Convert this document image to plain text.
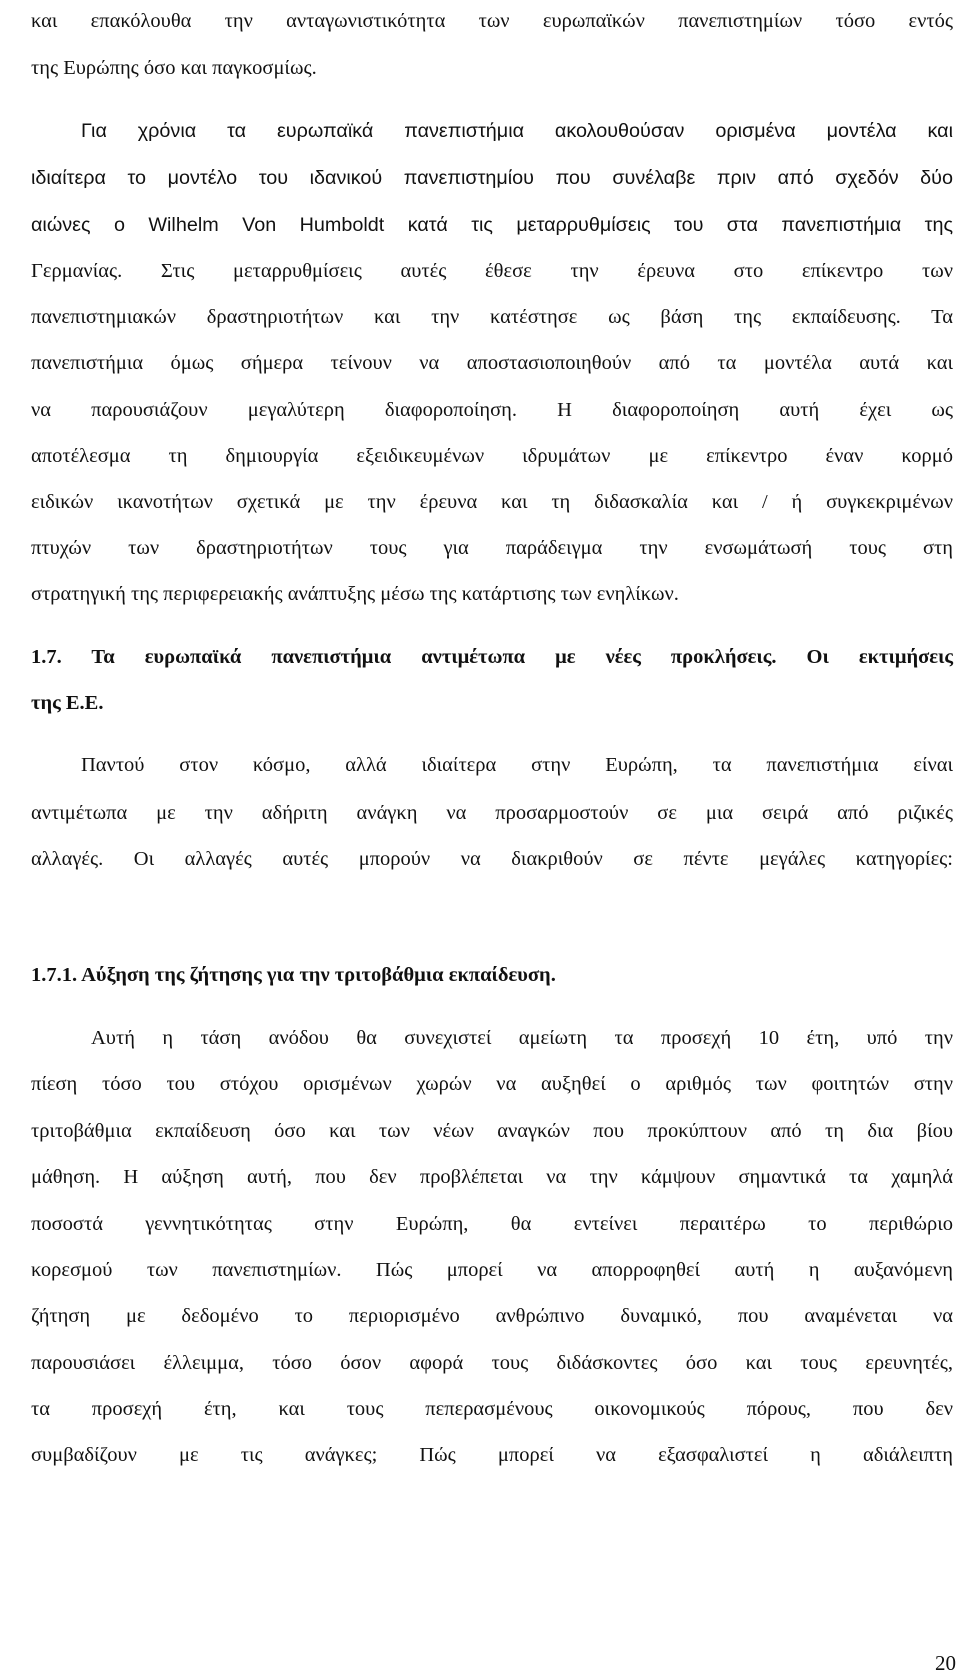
και επακόλουθα την ανταγωνιστικότητα των ευρωπαϊκών πανεπιστημίων τόσο εντός
της Ευρώπης όσο και παγκοσμίως.
Για χρόνια τα ευρωπαϊκά πανεπιστήμια ακολουθούσαν ορισμένα μοντέλα και
ιδιαίτερα το μοντέλο του ιδανικού πανεπιστημίου που συνέλαβε πριν από σχεδόν δύο
αιώνες ο Wilhelm Von Humboldt κατά τις μεταρρυθμίσεις του στα πανεπιστήμια της
Γερμανίας. Στις μεταρρυθμίσεις αυτές έθεσε την έρευνα στο επίκεντρο των
πανεπιστημιακών δραστηριοτήτων και την κατέστησε ως βάση της εκπαίδευσης. Τα
πανεπιστήμια όμως σήμερα τείνουν να αποστασιοποιηθούν από τα μοντέλα αυτά και
να παρουσιάζουν μεγαλύτερη διαφοροποίηση. Η διαφοροποίηση αυτή έχει ως
αποτέλεσμα τη δημιουργία εξειδικευμένων ιδρυμάτων με επίκεντρο έναν κορμό
ειδικών ικανοτήτων σχετικά με την έρευνα και τη διδασκαλία και / ή συγκεκριμένων
πτυχών των δραστηριοτήτων τους για παράδειγμα την ενσωμάτωσή τους στη
στρατηγική της περιφερειακής ανάπτυξης μέσω της κατάρτισης των ενηλίκων.
1.7. Τα ευρωπαϊκά πανεπιστήμια αντιμέτωπα με νέες προκλήσεις. Οι εκτιμήσεις
της Ε.Ε.
Παντού στον κόσμο, αλλά ιδιαίτερα στην Ευρώπη, τα πανεπιστήμια είναι
αντιμέτωπα με την αδήριτη ανάγκη να προσαρμοστούν σε μια σειρά από ριζικές
αλλαγές. Οι αλλαγές αυτές μπορούν να διακριθούν σε πέντε μεγάλες κατηγορίες:
1.7.1. Αύξηση της ζήτησης για την τριτοβάθμια εκπαίδευση.
Αυτή η τάση ανόδου θα συνεχιστεί αμείωτη τα προσεχή 10 έτη, υπό την
πίεση τόσο του στόχου ορισμένων χωρών να αυξηθεί ο αριθμός των φοιτητών στην
τριτοβάθμια εκπαίδευση όσο και των νέων αναγκών που προκύπτουν από τη δια βίου
μάθηση. Η αύξηση αυτή, που δεν προβλέπεται να την κάμψουν σημαντικά τα χαμηλά
ποσοστά γεννητικότητας στην Ευρώπη, θα εντείνει περαιτέρω το περιθώριο
κορεσμού των πανεπιστημίων. Πώς μπορεί να απορροφηθεί αυτή η αυξανόμενη
ζήτηση με δεδομένο το περιορισμένο ανθρώπινο δυναμικό, που αναμένεται να
παρουσιάσει έλλειμμα, τόσο όσον αφορά τους διδάσκοντες όσο και τους ερευνητές,
τα προσεχή έτη, και τους πεπερασμένους οικονομικούς πόρους, που δεν
συμβαδίζουν με τις ανάγκες; Πώς μπορεί να εξασφαλιστεί η αδιάλειπτη
20
